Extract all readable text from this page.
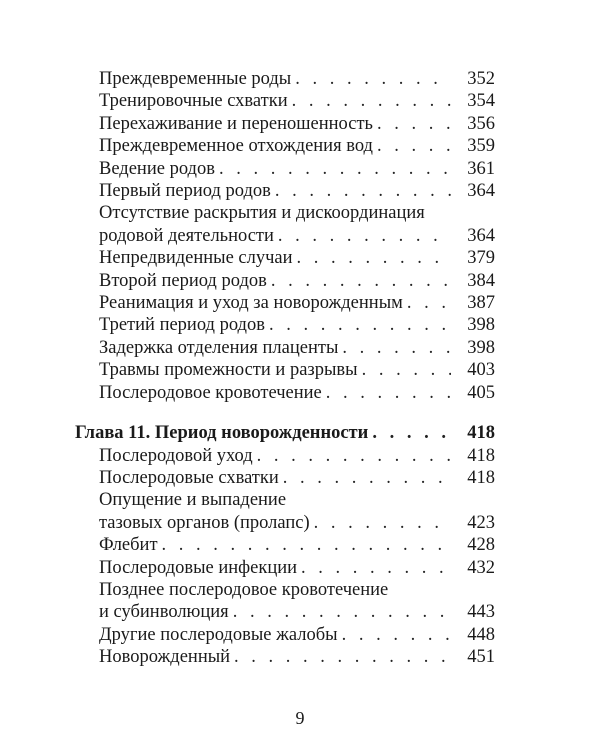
Преждевременные роды . . .	352
Тренировочные схватки . . .	354
Перехаживание и переношенность . . .	356
Преждевременное отхождения вод . . .	359
Ведение родов . . .	361
Первый период родов . . .	364
Отсутствие раскрытия и дискоординация
родовой деятельности . . .	364
Непредвиденные случаи . . .	379
Второй период родов . . .	384
Реанимация и уход за новорожденным . . .	387
Третий период родов . . .	398
Задержка отделения плаценты . . .	398
Травмы промежности и разрывы . . .	403
Послеродовое кровотечение . . .	405
Глава 11. Период новорожденности . . .	418
Послеродовой уход . . .	418
Послеродовые схватки . . .	418
Опущение и выпадение
тазовых органов (пролапс) . . .	423
Флебит . . .	428
Послеродовые инфекции . . .	432
Позднее послеродовое кровотечение
и субинволюция . . .	443
Другие послеродовые жалобы . . .	448
Новорожденный . . .	451
9
